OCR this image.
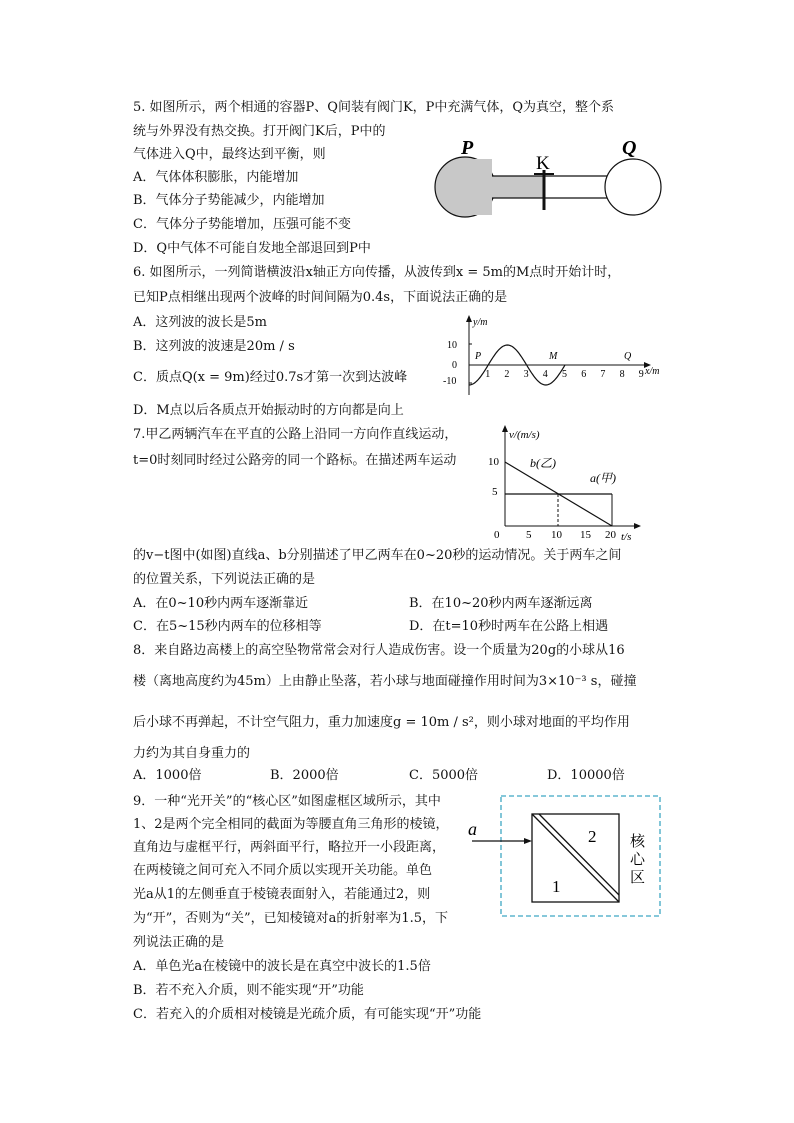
5. 如图所示，两个相通的容器P、Q间装有阀门K，P中充满气体，Q为真空，整个系
统与外界没有热交换。打开阀门K后，P中的
气体进入Q中，最终达到平衡，则
A．气体体积膨胀，内能增加
B．气体分子势能减少，内能增加
C．气体分子势能增加，压强可能不变
D．Q中气体不可能自发地全部退回到P中
P
K
Q
6. 如图所示，一列简谐横波沿x轴正方向传播，从波传到x = 5m的M点时开始计时，
已知P点相继出现两个波峰的时间间隔为0.4s，下面说法正确的是
A．这列波的波长是5m
B．这列波的波速是20m / s
C．质点Q(x = 9m)经过0.7s才第一次到达波峰
D．M点以后各质点开始振动时的方向都是向上
y/m
x/m
10
0
-10
1 2 3 4 5 6 7 8 9
P	M	Q
7.甲乙两辆汽车在平直的公路上沿同一方向作直线运动，
t=0时刻同时经过公路旁的同一个路标。在描述两车运动
的v−t图中(如图)直线a、b分别描述了甲乙两车在0~20秒的运动情况。关于两车之间
的位置关系，下列说法正确的是
A．在0~10秒内两车逐渐靠近	B．在10~20秒内两车逐渐远离
C．在5~15秒内两车的位移相等	D．在t=10秒时两车在公路上相遇
v/(m/s)
t/s
10
5
0 5 10 15 20
b(乙)
a(甲)
8．来自路边高楼上的高空坠物常常会对行人造成伤害。设一个质量为20g的小球从16
楼（离地高度约为45m）上由静止坠落，若小球与地面碰撞作用时间为3×10⁻³ s，碰撞
后小球不再弹起，不计空气阻力，重力加速度g = 10m / s²，则小球对地面的平均作用
力约为其自身重力的
A．1000倍	B．2000倍	C．5000倍	D．10000倍
9．一种“光开关”的“核心区”如图虚框区域所示，其中
1、2是两个完全相同的截面为等腰直角三角形的棱镜，
直角边与虚框平行，两斜面平行，略拉开一小段距离，
在两棱镜之间可充入不同介质以实现开关功能。单色
光a从1的左侧垂直于棱镜表面射入，若能通过2，则
为“开”，否则为“关”，已知棱镜对a的折射率为1.5，下
列说法正确的是
A．单色光a在棱镜中的波长是在真空中波长的1.5倍
B．若不充入介质，则不能实现“开”功能
C．若充入的介质相对棱镜是光疏介质，有可能实现“开”功能
a
1
2 核
心
区
